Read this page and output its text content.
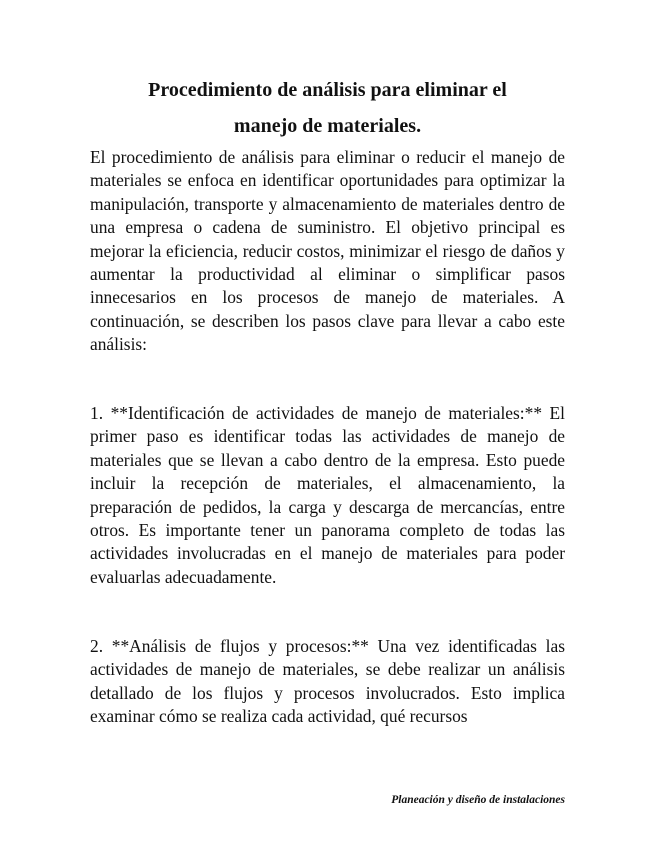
Procedimiento de análisis para eliminar el
manejo de materiales.

El procedimiento de análisis para eliminar o reducir el manejo de materiales se enfoca en identificar oportunidades para optimizar la manipulación, transporte y almacenamiento de materiales dentro de una empresa o cadena de suministro. El objetivo principal es mejorar la eficiencia, reducir costos, minimizar el riesgo de daños y aumentar la productividad al eliminar o simplificar pasos innecesarios en los procesos de manejo de materiales. A continuación, se describen los pasos clave para llevar a cabo este análisis:

1. **Identificación de actividades de manejo de materiales:** El primer paso es identificar todas las actividades de manejo de materiales que se llevan a cabo dentro de la empresa. Esto puede incluir la recepción de materiales, el almacenamiento, la preparación de pedidos, la carga y descarga de mercancías, entre otros. Es importante tener un panorama completo de todas las actividades involucradas en el manejo de materiales para poder evaluarlas adecuadamente.

2. **Análisis de flujos y procesos:** Una vez identificadas las actividades de manejo de materiales, se debe realizar un análisis detallado de los flujos y procesos involucrados. Esto implica examinar cómo se realiza cada actividad, qué recursos

Planeación y diseño de instalaciones
